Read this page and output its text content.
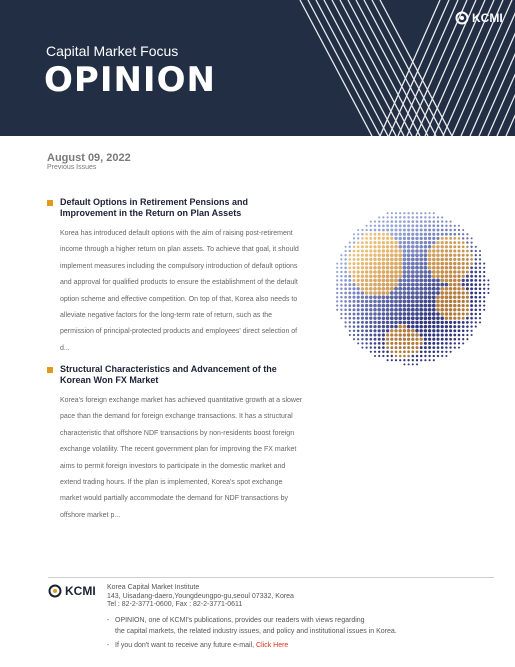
KCMI
Capital Market Focus
OPINION
August 09, 2022
Previous Issues
Default Options in Retirement Pensions and
Improvement in the Return on Plan Assets
Korea has introduced default options with the aim of raising post-retirement income through a higher return on plan assets. To achieve that goal, it should implement measures including the compulsory introduction of default options and approval for qualified products to ensure the establishment of the default option scheme and effective competition. On top of that, Korea also needs to alleviate negative factors for the long-term rate of return, such as the permission of principal-protected products and employees' direct selection of d...
Structural Characteristics and Advancement of the
Korean Won FX Market
Korea's foreign exchange market has achieved quantitative growth at a slower pace than the demand for foreign exchange transactions. It has a structural characteristic that offshore NDF transactions by non-residents boost foreign exchange volatility. The recent government plan for improving the FX market aims to permit foreign investors to participate in the domestic market and extend trading hours. If the plan is implemented, Korea's spot exchange market would partially accommodate the demand for NDF transactions by offshore market p...
KCMI Korea Capital Market Institute
143, Uisadang-daero,Youngdeungpo-gu,seoul 07332, Korea
Tel : 82-2-3771-0600, Fax : 82-2-3771-0611
- OPINION, one of KCMI's publications, provides our readers with views regarding
the capital markets, the related industry issues, and policy and institutional issues in Korea.
- If you don't want to receive any future e-mail, Click Here
